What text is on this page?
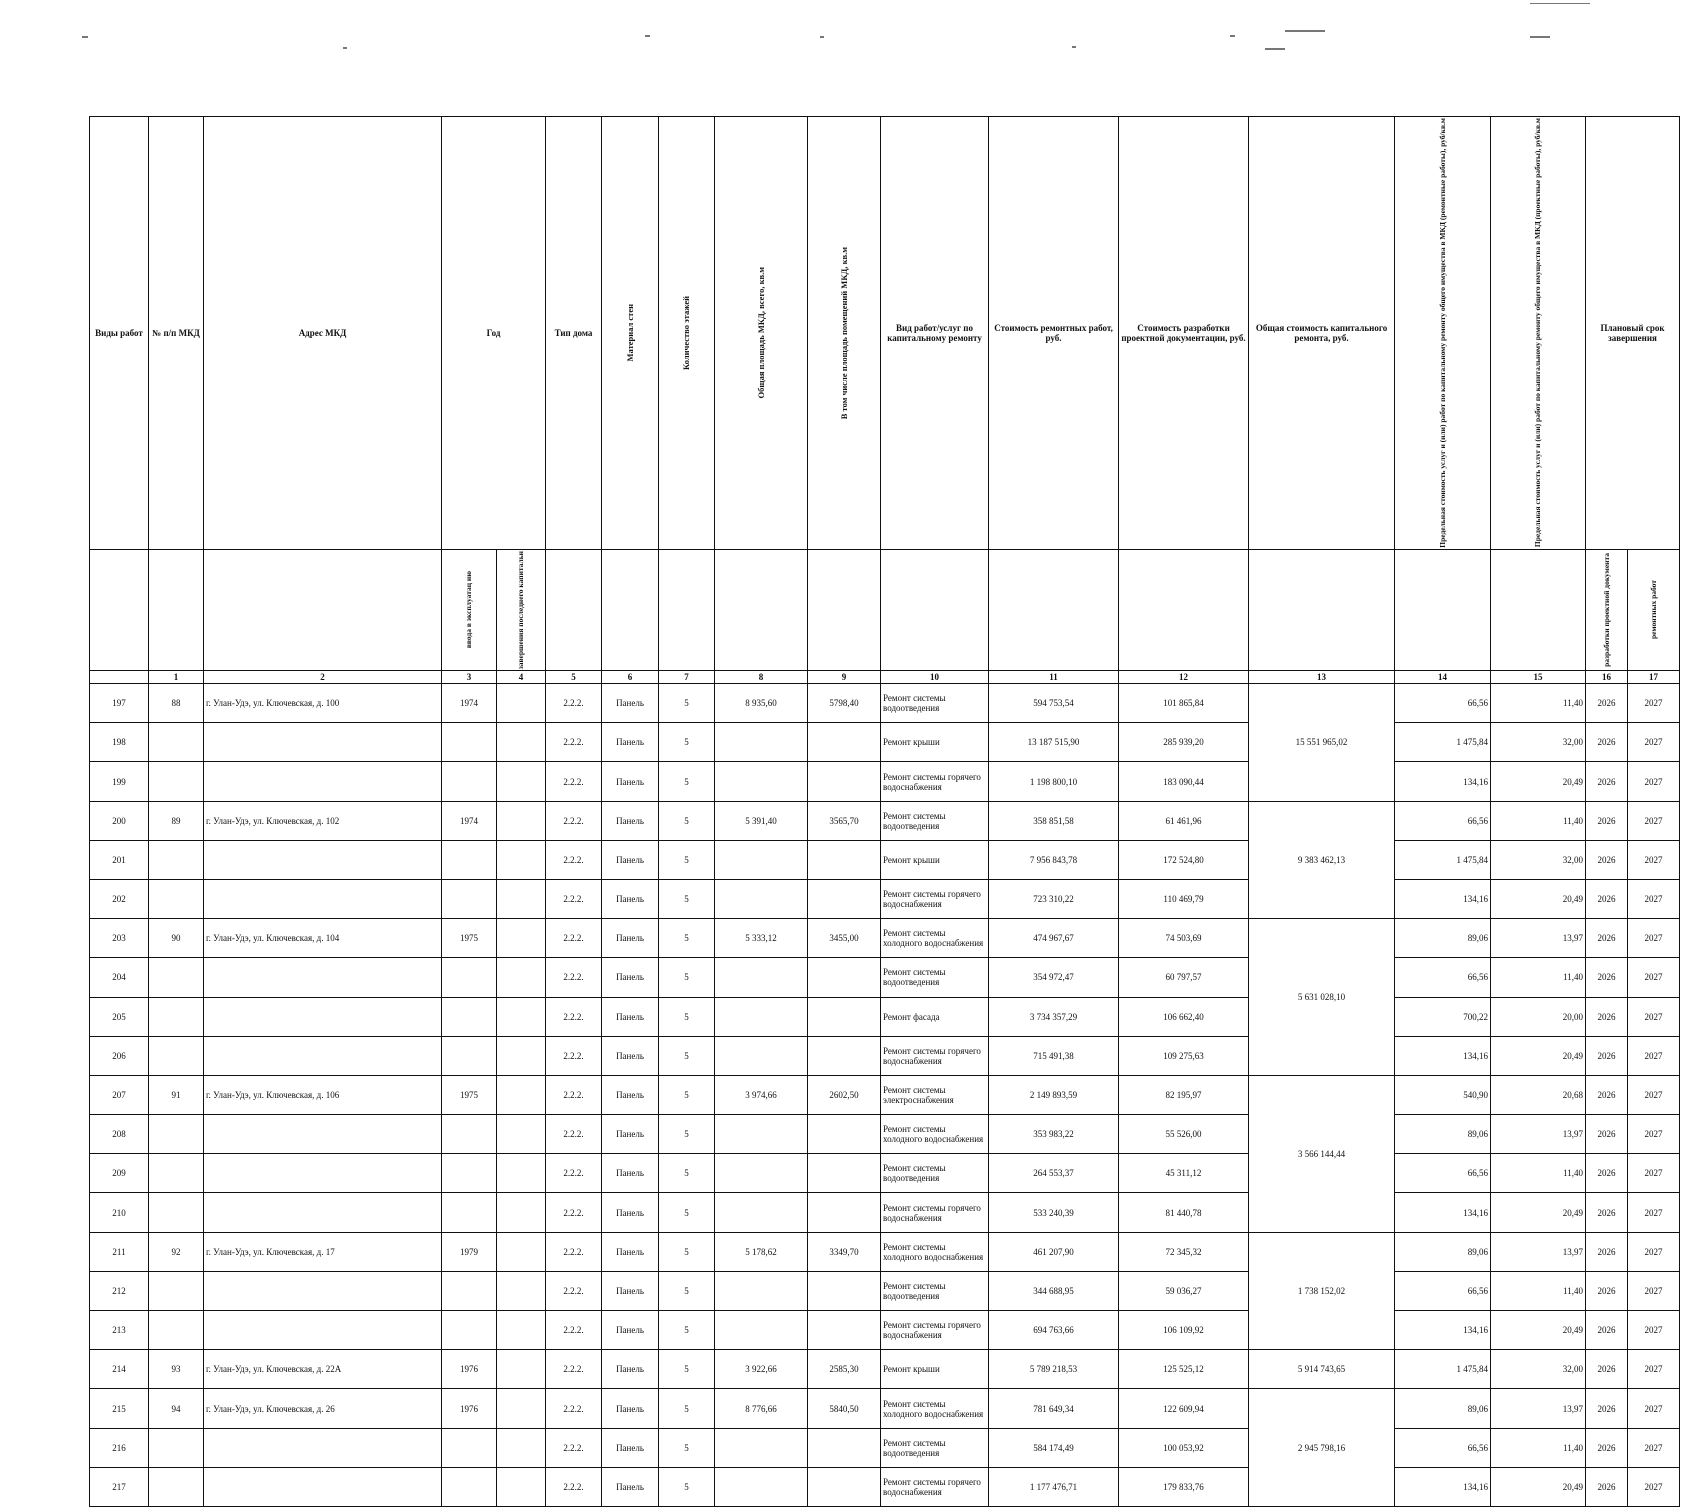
Виды работ	№ п/п МКД	Адрес МКД	Год		Тип дома	Материал стен	Количество этажей	Общая площадь МКД, всего, кв.м	В том числе площадь помещений МКД, кв.м	Вид работ/услуг по капитальному ремонту	Стоимость ремонтных работ, руб.	Стоимость разработки проектной документации, руб.	Общая стоимость капитального ремонта, руб.	Предельная стоимость услуг и (или) работ по капитальному ремонту общего имущества в МКД (ремонтные работы), руб/кв.м	Предельная стоимость услуг и (или) работ по капитальному ремонту общего имущества в МКД (проектные работы), руб/кв.м	Плановый срок завершения	

			ввода в эксплуатац ию	завершения последнего капитальн												разработки проектной документа	ремонтных работ

	1	2	3	4	5	6	7	8	9	10	11	12	13	14	15	16	17
197	88	г. Улан-Удэ, ул. Ключевская, д. 100	1974		2.2.2.	Панель	5	8 935,60	5798,40	Ремонт системы водоотведения	594 753,54	101 865,84	15 551 965,02	66,56	11,40	2026	2027
198					2.2.2.	Панель	5			Ремонт крыши	13 187 515,90	285 939,20		1 475,84	32,00	2026	2027
199					2.2.2.	Панель	5			Ремонт системы горячего водоснабжения	1 198 800,10	183 090,44		134,16	20,49	2026	2027
200	89	г. Улан-Удэ, ул. Ключевская, д. 102	1974		2.2.2.	Панель	5	5 391,40	3565,70	Ремонт системы водоотведения	358 851,58	61 461,96	9 383 462,13	66,56	11,40	2026	2027
201					2.2.2.	Панель	5			Ремонт крыши	7 956 843,78	172 524,80		1 475,84	32,00	2026	2027
202					2.2.2.	Панель	5			Ремонт системы горячего водоснабжения	723 310,22	110 469,79		134,16	20,49	2026	2027
203	90	г. Улан-Удэ, ул. Ключевская, д. 104	1975		2.2.2.	Панель	5	5 333,12	3455,00	Ремонт системы холодного водоснабжения	474 967,67	74 503,69	5 631 028,10	89,06	13,97	2026	2027
204					2.2.2.	Панель	5			Ремонт системы водоотведения	354 972,47	60 797,57		66,56	11,40	2026	2027
205					2.2.2.	Панель	5			Ремонт фасада	3 734 357,29	106 662,40		700,22	20,00	2026	2027
206					2.2.2.	Панель	5			Ремонт системы горячего водоснабжения	715 491,38	109 275,63		134,16	20,49	2026	2027
207	91	г. Улан-Удэ, ул. Ключевская, д. 106	1975		2.2.2.	Панель	5	3 974,66	2602,50	Ремонт системы электроснабжения	2 149 893,59	82 195,97	3 566 144,44	540,90	20,68	2026	2027
208					2.2.2.	Панель	5			Ремонт системы холодного водоснабжения	353 983,22	55 526,00		89,06	13,97	2026	2027
209					2.2.2.	Панель	5			Ремонт системы водоотведения	264 553,37	45 311,12		66,56	11,40	2026	2027
210					2.2.2.	Панель	5			Ремонт системы горячего водоснабжения	533 240,39	81 440,78		134,16	20,49	2026	2027
211	92	г. Улан-Удэ, ул. Ключевская, д. 17	1979		2.2.2.	Панель	5	5 178,62	3349,70	Ремонт системы холодного водоснабжения	461 207,90	72 345,32	1 738 152,02	89,06	13,97	2026	2027
212					2.2.2.	Панель	5			Ремонт системы водоотведения	344 688,95	59 036,27		66,56	11,40	2026	2027
213					2.2.2.	Панель	5			Ремонт системы горячего водоснабжения	694 763,66	106 109,92		134,16	20,49	2026	2027
214	93	г. Улан-Удэ, ул. Ключевская, д. 22А	1976		2.2.2.	Панель	5	3 922,66	2585,30	Ремонт крыши	5 789 218,53	125 525,12	5 914 743,65	1 475,84	32,00	2026	2027
215	94	г. Улан-Удэ, ул. Ключевская, д. 26	1976		2.2.2.	Панель	5	8 776,66	5840,50	Ремонт системы холодного водоснабжения	781 649,34	122 609,94	2 945 798,16	89,06	13,97	2026	2027
216					2.2.2.	Панель	5			Ремонт системы водоотведения	584 174,49	100 053,92		66,56	11,40	2026	2027
217					2.2.2.	Панель	5			Ремонт системы горячего водоснабжения	1 177 476,71	179 833,76		134,16	20,49	2026	2027
